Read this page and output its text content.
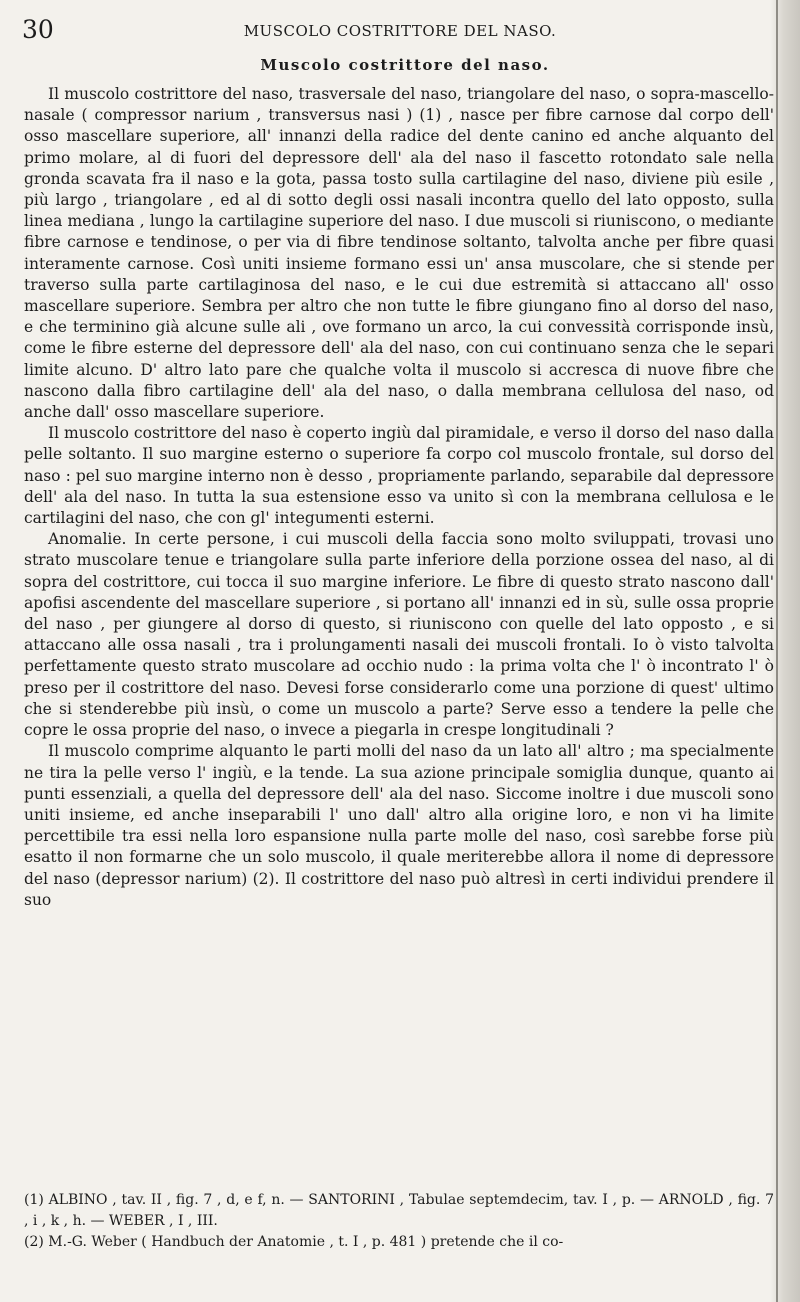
30	MUSCOLO COSTRITTORE DEL NASO.
Muscolo costrittore del naso.

Il muscolo costrittore del naso, trasversale del naso, triangolare del naso, o sopra-mascello-nasale ( compressor narium , transversus nasi ) (1) , nasce per fibre carnose dal corpo dell' osso mascellare superiore, all' innanzi della radice del dente canino ed anche alquanto del primo molare, al di fuori del depressore dell' ala del naso il fascetto rotondato sale nella gronda scavata fra il naso e la gota, passa tosto sulla cartilagine del naso, diviene più esile , più largo , triangolare , ed al di sotto degli ossi nasali incontra quello del lato opposto, sulla linea mediana , lungo la cartilagine superiore del naso. I due muscoli si riuniscono, o mediante fibre carnose e tendinose, o per via di fibre tendinose soltanto, talvolta anche per fibre quasi interamente carnose. Così uniti insieme formano essi un' ansa muscolare, che si stende per traverso sulla parte cartilaginosa del naso, e le cui due estremità si attaccano all' osso mascellare superiore. Sembra per altro che non tutte le fibre giungano fino al dorso del naso, e che terminino già alcune sulle ali , ove formano un arco, la cui convessità corrisponde insù, come le fibre esterne del depressore dell' ala del naso, con cui continuano senza che le separi limite alcuno. D' altro lato pare che qualche volta il muscolo si accresca di nuove fibre che nascono dalla fibro cartilagine dell' ala del naso, o dalla membrana cellulosa del naso, od anche dall' osso mascellare superiore.

Il muscolo costrittore del naso è coperto ingiù dal piramidale, e verso il dorso del naso dalla pelle soltanto. Il suo margine esterno o superiore fa corpo col muscolo frontale, sul dorso del naso : pel suo margine interno non è desso , propriamente parlando, separabile dal depressore dell' ala del naso. In tutta la sua estensione esso va unito sì con la membrana cellulosa e le cartilagini del naso, che con gl' integumenti esterni.

Anomalie. In certe persone, i cui muscoli della faccia sono molto sviluppati, trovasi uno strato muscolare tenue e triangolare sulla parte inferiore della porzione ossea del naso, al di sopra del costrittore, cui tocca il suo margine inferiore. Le fibre di questo strato nascono dall' apofisi ascendente del mascellare superiore , si portano all' innanzi ed in sù, sulle ossa proprie del naso , per giungere al dorso di questo, si riuniscono con quelle del lato opposto , e si attaccano alle ossa nasali , tra i prolungamenti nasali dei muscoli frontali. Io ò visto talvolta perfettamente questo strato muscolare ad occhio nudo : la prima volta che l' ò incontrato l' ò preso per il costrittore del naso. Devesi forse considerarlo come una porzione di quest' ultimo che si stenderebbe più insù, o come un muscolo a parte? Serve esso a tendere la pelle che copre le ossa proprie del naso, o invece a piegarla in crespe longitudinali ?

Il muscolo comprime alquanto le parti molli del naso da un lato all' altro ; ma specialmente ne tira la pelle verso l' ingiù, e la tende. La sua azione principale somiglia dunque, quanto ai punti essenziali, a quella del depressore dell' ala del naso. Siccome inoltre i due muscoli sono uniti insieme, ed anche inseparabili l' uno dall' altro alla origine loro, e non vi ha limite percettibile tra essi nella loro espansione nulla parte molle del naso, così sarebbe forse più esatto il non formarne che un solo muscolo, il quale meriterebbe allora il nome di depressore del naso (depressor narium) (2). Il costrittore del naso può altresì in certi individui prendere il suo

(1) ALBINO , tav. II , fig. 7 , d, e f, n. — SANTORINI , Tabulae septemdecim, tav. I , p. — ARNOLD , fig. 7 , i , k , h. — WEBER , I , III.

(2) M.-G. Weber ( Handbuch der Anatomie , t. I , p. 481 ) pretende che il co-
